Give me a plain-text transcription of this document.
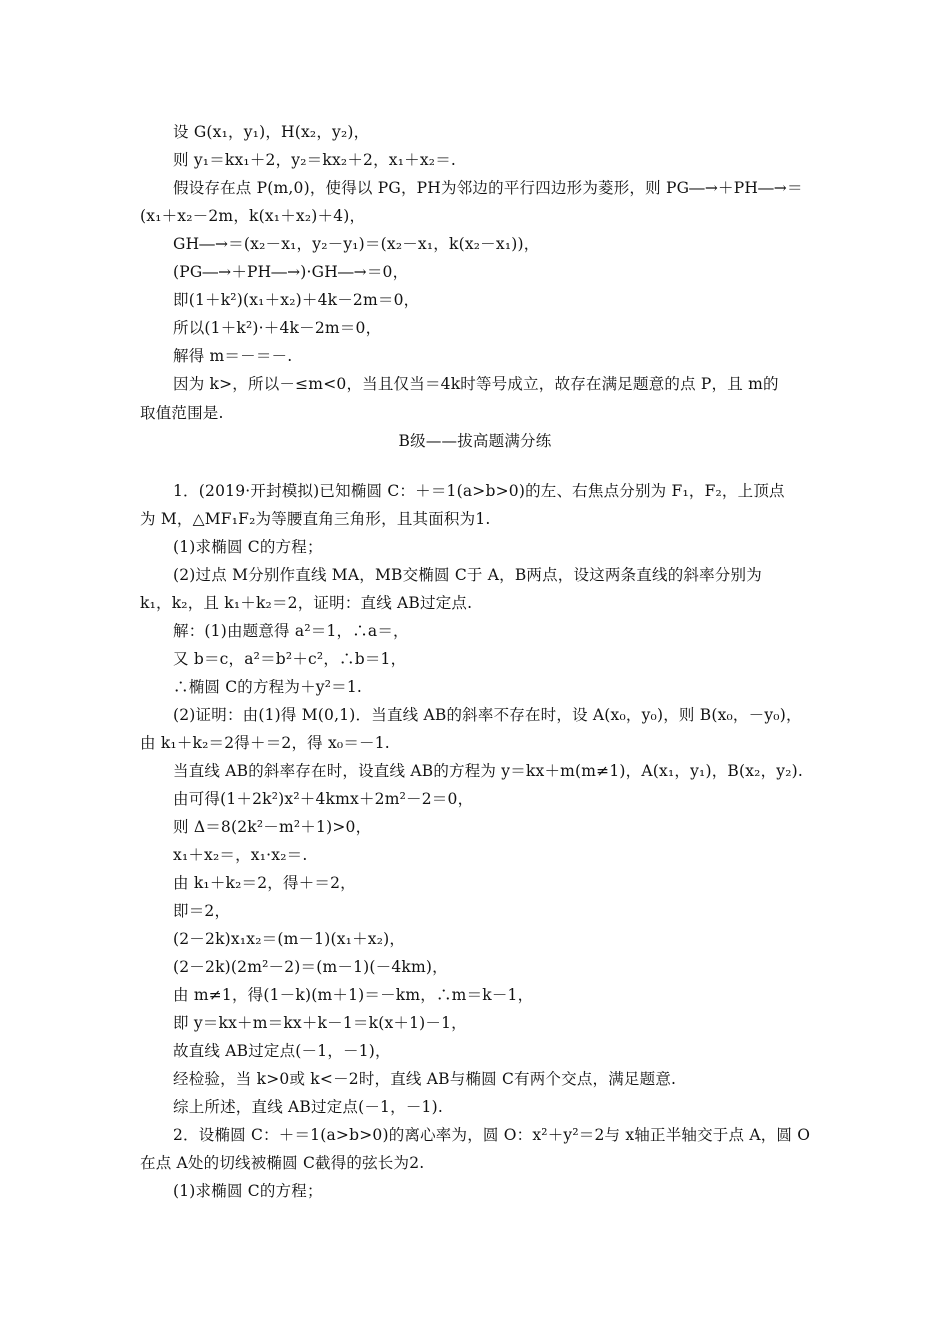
设 G(x₁，y₁)，H(x₂，y₂)，
则 y₁＝kx₁＋2，y₂＝kx₂＋2，x₁＋x₂＝.
假设存在点 P(m,0)，使得以 PG，PH为邻边的平行四边形为菱形，则 PG―→＋PH―→＝
(x₁＋x₂－2m，k(x₁＋x₂)＋4)，
GH―→＝(x₂－x₁，y₂－y₁)＝(x₂－x₁，k(x₂－x₁))，
(PG―→＋PH―→)·GH―→＝0，
即(1＋k²)(x₁＋x₂)＋4k－2m＝0，
所以(1＋k²)·＋4k－2m＝0，
解得 m＝－＝－.
因为 k>，所以－≤m<0，当且仅当＝4k时等号成立，故存在满足题意的点 P，且 m的
取值范围是.
B级——拔高题满分练
1．(2019·开封模拟)已知椭圆 C：＋＝1(a>b>0)的左、右焦点分别为 F₁，F₂，上顶点
为 M，△MF₁F₂为等腰直角三角形，且其面积为1.
(1)求椭圆 C的方程；
(2)过点 M分别作直线 MA，MB交椭圆 C于 A，B两点，设这两条直线的斜率分别为
k₁，k₂，且 k₁＋k₂＝2，证明：直线 AB过定点.
解：(1)由题意得 a²＝1，∴a＝，
又 b＝c，a²＝b²＋c²，∴b＝1，
∴椭圆 C的方程为＋y²＝1.
(2)证明：由(1)得 M(0,1)．当直线 AB的斜率不存在时，设 A(x₀，y₀)，则 B(x₀，－y₀)，
由 k₁＋k₂＝2得＋＝2，得 x₀＝－1.
当直线 AB的斜率存在时，设直线 AB的方程为 y＝kx＋m(m≠1)，A(x₁，y₁)，B(x₂，y₂).
由可得(1＋2k²)x²＋4kmx＋2m²－2＝0，
则 Δ＝8(2k²－m²＋1)>0，
x₁＋x₂＝，x₁·x₂＝.
由 k₁＋k₂＝2，得＋＝2，
即＝2，
(2－2k)x₁x₂＝(m－1)(x₁＋x₂)，
(2－2k)(2m²－2)＝(m－1)(－4km)，
由 m≠1，得(1－k)(m＋1)＝－km，∴m＝k－1，
即 y＝kx＋m＝kx＋k－1＝k(x＋1)－1，
故直线 AB过定点(－1，－1)，
经检验，当 k>0或 k<－2时，直线 AB与椭圆 C有两个交点，满足题意.
综上所述，直线 AB过定点(－1，－1).
2．设椭圆 C：＋＝1(a>b>0)的离心率为，圆 O：x²＋y²＝2与 x轴正半轴交于点 A，圆 O
在点 A处的切线被椭圆 C截得的弦长为2.
(1)求椭圆 C的方程；
